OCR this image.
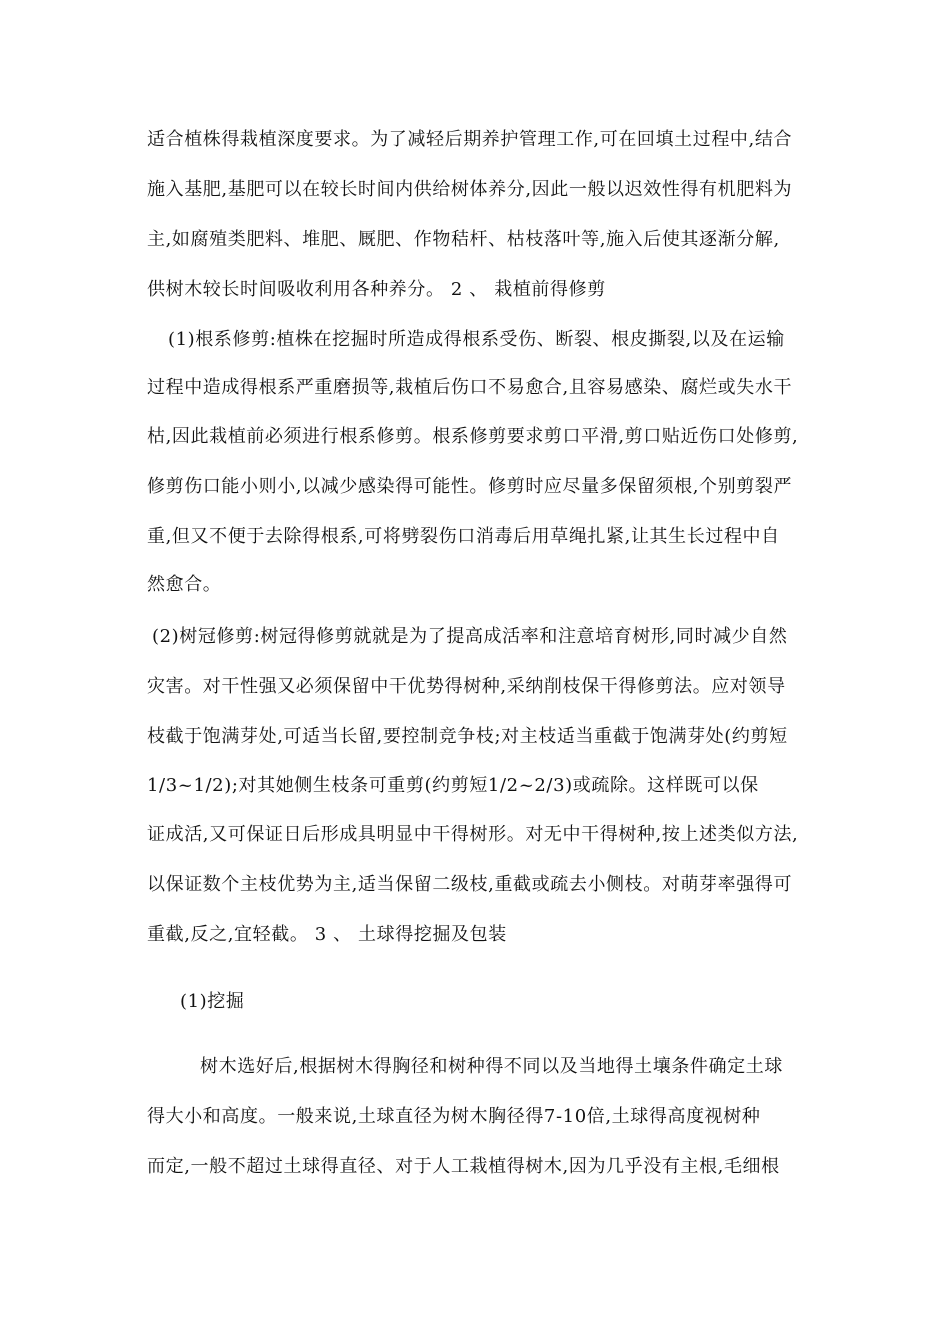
适合植株得栽植深度要求。为了减轻后期养护管理工作,可在回填土过程中,结合
施入基肥,基肥可以在较长时间内供给树体养分,因此一般以迟效性得有机肥料为
主,如腐殖类肥料、堆肥、厩肥、作物秸杆、枯枝落叶等,施入后使其逐渐分解,
供树木较长时间吸收利用各种养分。 2 、 栽植前得修剪
(1)根系修剪:植株在挖掘时所造成得根系受伤、断裂、根皮撕裂,以及在运输
过程中造成得根系严重磨损等,栽植后伤口不易愈合,且容易感染、腐烂或失水干
枯,因此栽植前必须进行根系修剪。根系修剪要求剪口平滑,剪口贴近伤口处修剪,
修剪伤口能小则小,以减少感染得可能性。修剪时应尽量多保留须根,个别剪裂严
重,但又不便于去除得根系,可将劈裂伤口消毒后用草绳扎紧,让其生长过程中自
然愈合。
(2)树冠修剪:树冠得修剪就就是为了提高成活率和注意培育树形,同时减少自然
灾害。对干性强又必须保留中干优势得树种,采纳削枝保干得修剪法。应对领导
枝截于饱满芽处,可适当长留,要控制竞争枝;对主枝适当重截于饱满芽处(约剪短
1/3~1/2);对其她侧生枝条可重剪(约剪短1/2~2/3)或疏除。这样既可以保
证成活,又可保证日后形成具明显中干得树形。对无中干得树种,按上述类似方法,
以保证数个主枝优势为主,适当保留二级枝,重截或疏去小侧枝。对萌芽率强得可
重截,反之,宜轻截。 3 、 土球得挖掘及包装
(1)挖掘
树木选好后,根据树木得胸径和树种得不同以及当地得土壤条件确定土球
得大小和高度。一般来说,土球直径为树木胸径得7-10倍,土球得高度视树种
而定,一般不超过土球得直径、对于人工栽植得树木,因为几乎没有主根,毛细根
